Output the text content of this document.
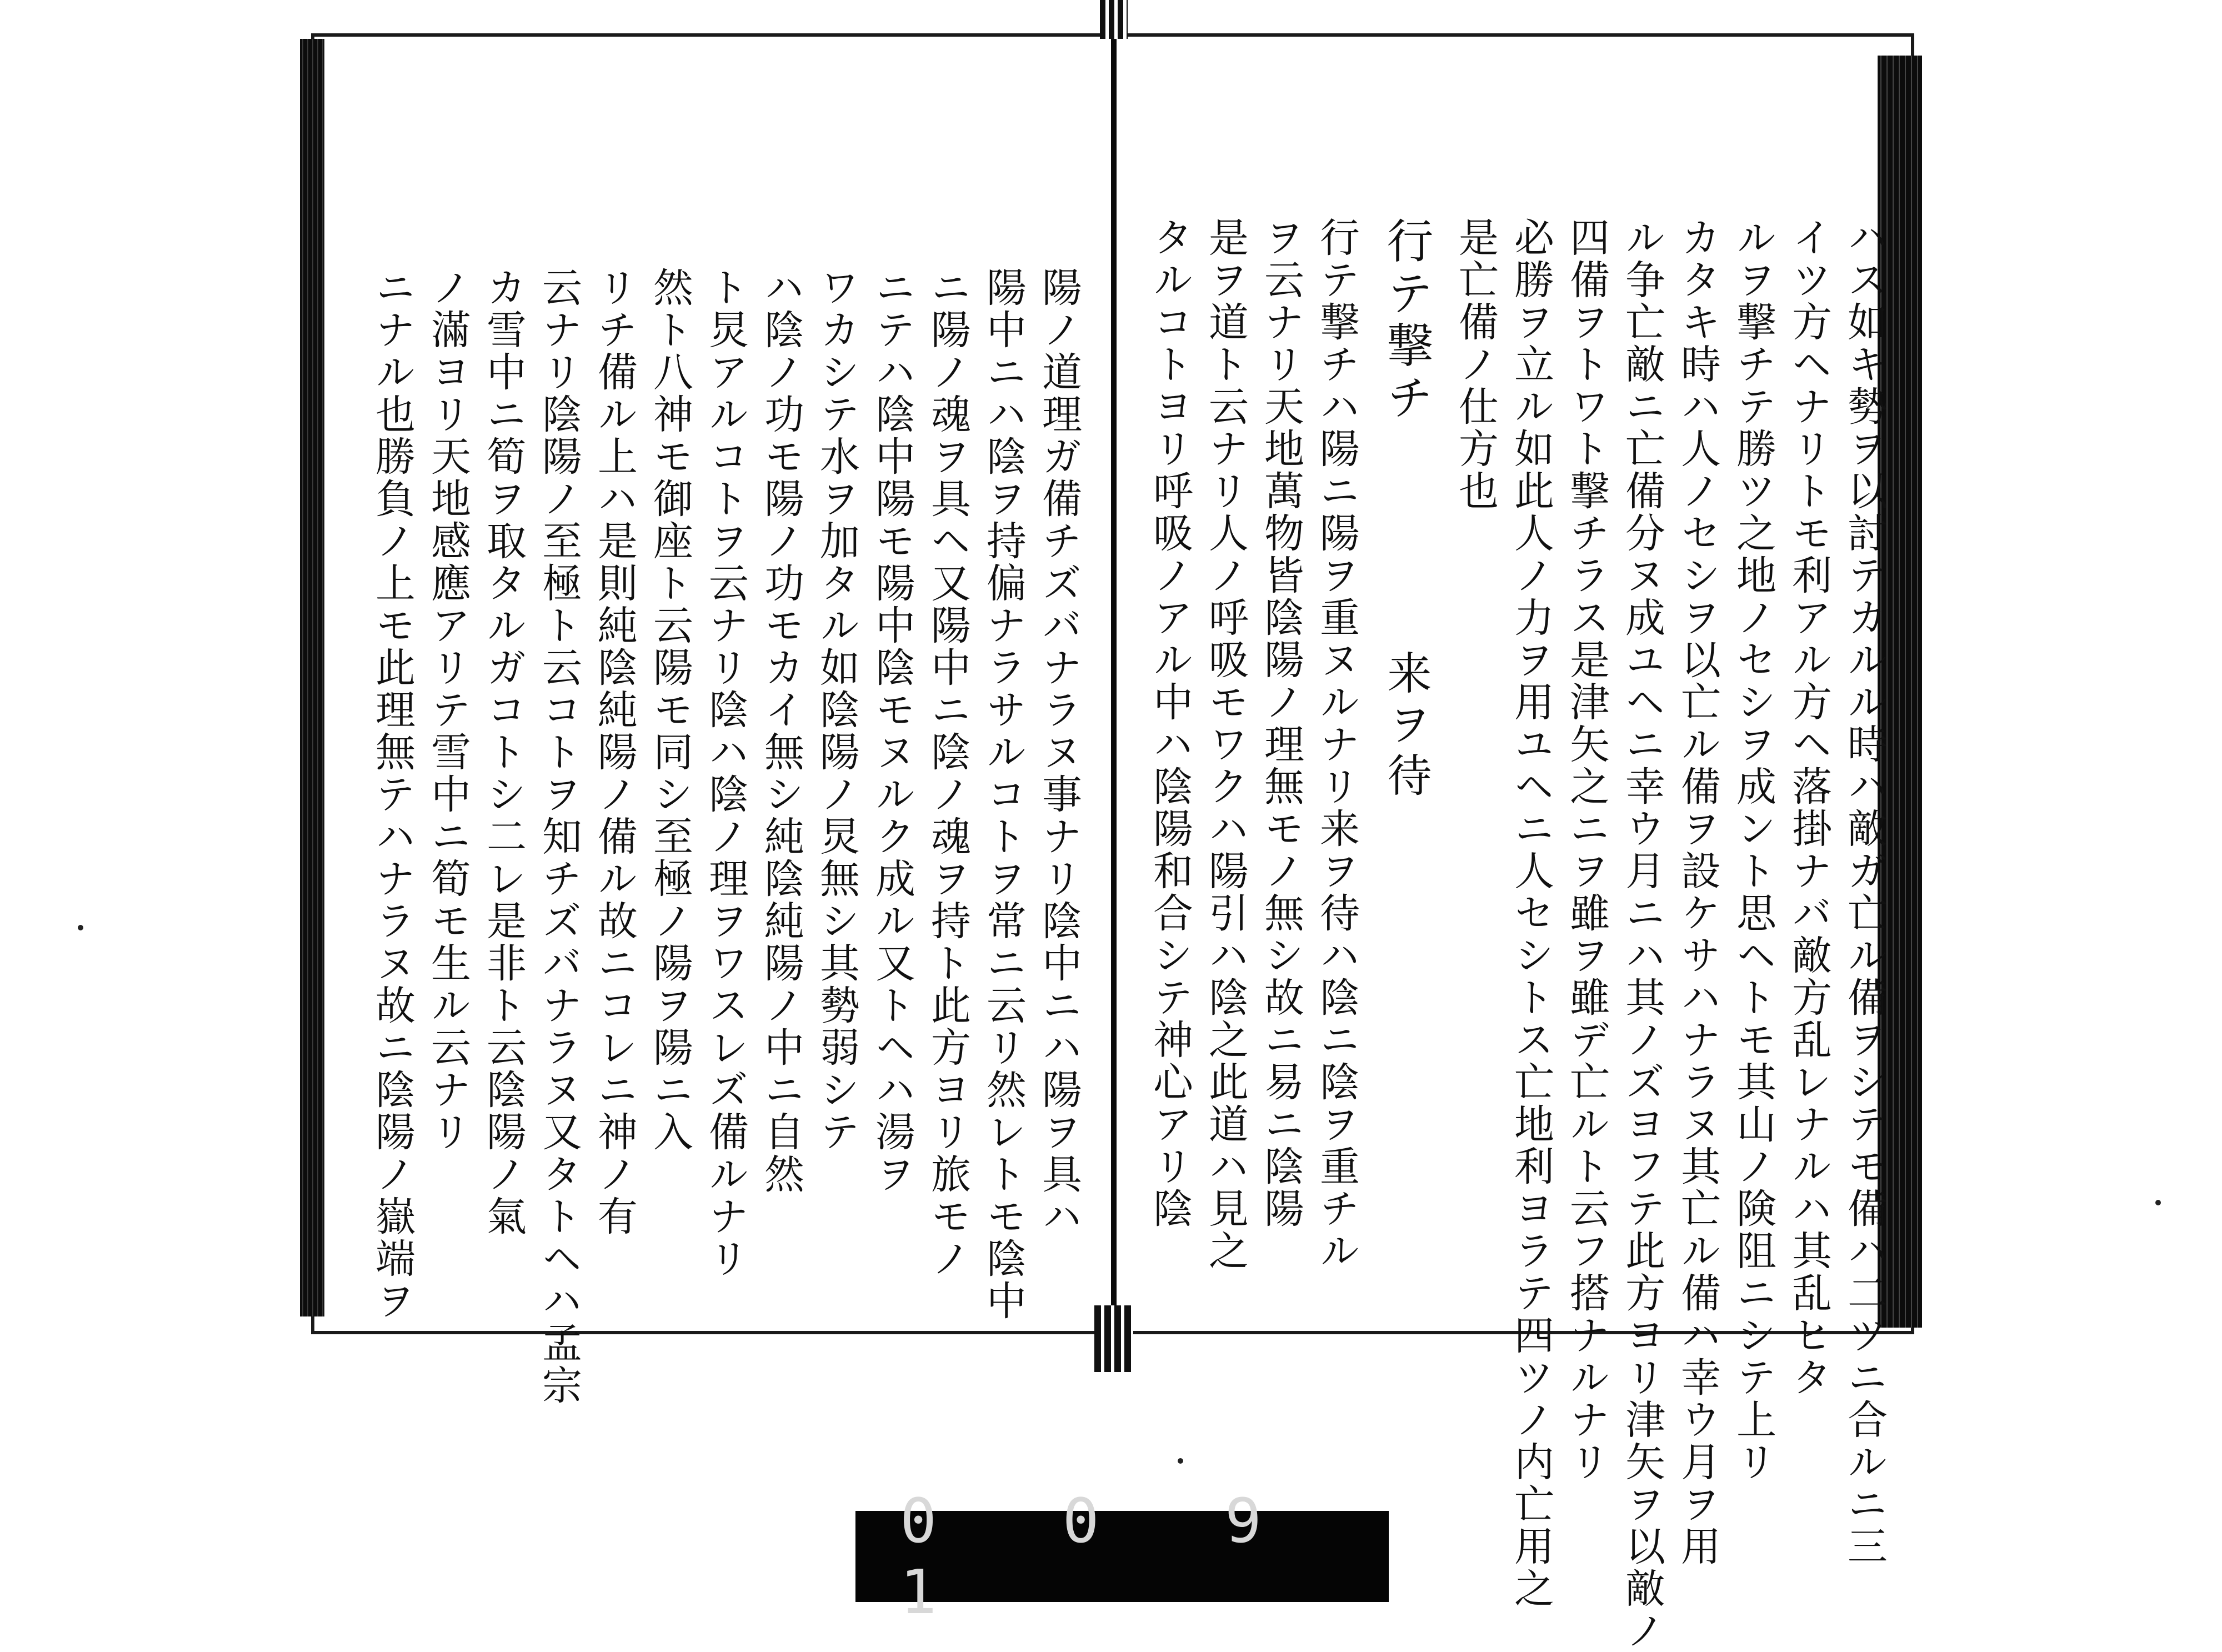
ハス如キ勢ヲ以討テカルル時ハ敵ガ亡ル備ヲシテモ備ハ二ツニ合ルニ三
イツ方ヘナリトモ利アル方ヘ落掛ナバ敵方乱レナルハ其乱ヒタ
ルヲ撃チテ勝ツ之地ノセシヲ成ント思ヘトモ其山ノ険阻ニシテ上リ
カタキ時ハ人ノセシヲ以亡ル備ヲ設ケサハナラヌ其亡ル備ハ幸ウ月ヲ用
ル争亡敵ニ亡備分ヌ成ユヘニ幸ウ月ニハ其ノズヨフテ此方ヨリ津矢ヲ以敵ノ
四備ヲトワト撃チラス是津矢之ニヲ雖ヲ雖デ亡ルト云フ搭ナルナリ
必勝ヲ立ル如此人ノ力ヲ用ユヘニ人セシトス亡地利ヨラテ四ツノ内亡用之
是亡備ノ仕方也
行テ撃チ
来ヲ待
行テ撃チハ陽ニ陽ヲ重ヌルナリ来ヲ待ハ陰ニ陰ヲ重チル
ヲ云ナリ天地萬物皆陰陽ノ理無モノ無シ故ニ易ニ陰陽
是ヲ道ト云ナリ人ノ呼吸モワクハ陽引ハ陰之此道ハ見之
タルコトヨリ呼吸ノアル中ハ陰陽和合シテ神心アリ陰
陽ノ道理ガ備チズバナラヌ事ナリ陰中ニハ陽ヲ具ハ
陽中ニハ陰ヲ持偏ナラサルコトヲ常ニ云リ然レトモ陰中
ニ陽ノ魂ヲ具ヘ又陽中ニ陰ノ魂ヲ持ト此方ヨリ旅モノ
ニテハ陰中陽モ陽中陰モヌルク成ル又トヘハ湯ヲ
ワカシテ水ヲ加タル如陰陽ノ炅無シ其勢弱シテ
ハ陰ノ功モ陽ノ功モカイ無シ純陰純陽ノ中ニ自然
ト炅アルコトヲ云ナリ陰ハ陰ノ理ヲワスレズ備ルナリ
然ト八神モ御座ト云陽モ同シ至極ノ陽ヲ陽ニ入
リチ備ル上ハ是則純陰純陽ノ備ル故ニコレニ神ノ有
云ナリ陰陽ノ至極ト云コトヲ知チズバナラヌ又タトヘハ孟宗
カ雪中ニ筍ヲ取タルガコトシ二レ是非ト云陰陽ノ氣
ノ滿ヨリ天地感應アリテ雪中ニ筍モ生ル云ナリ
ニナル也勝負ノ上モ此理無テハナラヌ故ニ陰陽ノ嶽端ヲ
0 0 9 1
